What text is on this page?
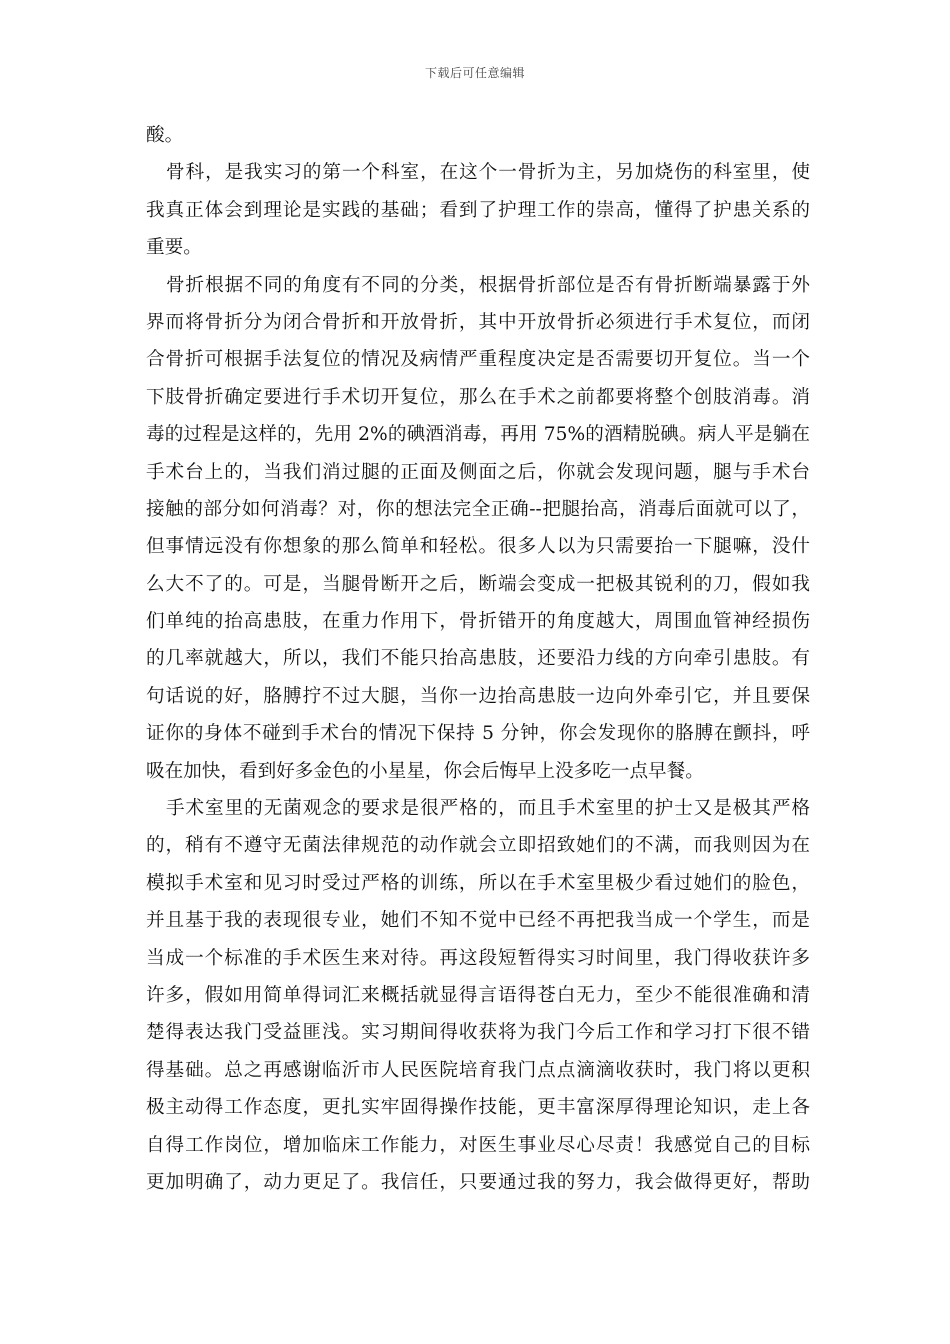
下载后可任意编辑
酸。
骨科，是我实习的第一个科室，在这个一骨折为主，另加烧伤的科室里，使
我真正体会到理论是实践的基础；看到了护理工作的崇高，懂得了护患关系的
重要。
骨折根据不同的角度有不同的分类，根据骨折部位是否有骨折断端暴露于外
界而将骨折分为闭合骨折和开放骨折，其中开放骨折必须进行手术复位，而闭
合骨折可根据手法复位的情况及病情严重程度决定是否需要切开复位。当一个
下肢骨折确定要进行手术切开复位，那么在手术之前都要将整个创肢消毒。消
毒的过程是这样的，先用 2%的碘酒消毒，再用 75%的酒精脱碘。病人平是躺在
手术台上的，当我们消过腿的正面及侧面之后，你就会发现问题，腿与手术台
接触的部分如何消毒？对，你的想法完全正确--把腿抬高，消毒后面就可以了，
但事情远没有你想象的那么简单和轻松。很多人以为只需要抬一下腿嘛，没什
么大不了的。可是，当腿骨断开之后，断端会变成一把极其锐利的刀，假如我
们单纯的抬高患肢，在重力作用下，骨折错开的角度越大，周围血管神经损伤
的几率就越大，所以，我们不能只抬高患肢，还要沿力线的方向牵引患肢。有
句话说的好，胳膊拧不过大腿，当你一边抬高患肢一边向外牵引它，并且要保
证你的身体不碰到手术台的情况下保持 5 分钟，你会发现你的胳膊在颤抖，呼
吸在加快，看到好多金色的小星星，你会后悔早上没多吃一点早餐。
手术室里的无菌观念的要求是很严格的，而且手术室里的护士又是极其严格
的，稍有不遵守无菌法律规范的动作就会立即招致她们的不满，而我则因为在
模拟手术室和见习时受过严格的训练，所以在手术室里极少看过她们的脸色，
并且基于我的表现很专业，她们不知不觉中已经不再把我当成一个学生，而是
当成一个标准的手术医生来对待。再这段短暂得实习时间里，我门得收获许多
许多，假如用简单得词汇来概括就显得言语得苍白无力，至少不能很准确和清
楚得表达我门受益匪浅。实习期间得收获将为我门今后工作和学习打下很不错
得基础。总之再感谢临沂市人民医院培育我门点点滴滴收获时，我门将以更积
极主动得工作态度，更扎实牢固得操作技能，更丰富深厚得理论知识，走上各
自得工作岗位，增加临床工作能力，对医生事业尽心尽责！我感觉自己的目标
更加明确了，动力更足了。我信任，只要通过我的努力，我会做得更好，帮助
